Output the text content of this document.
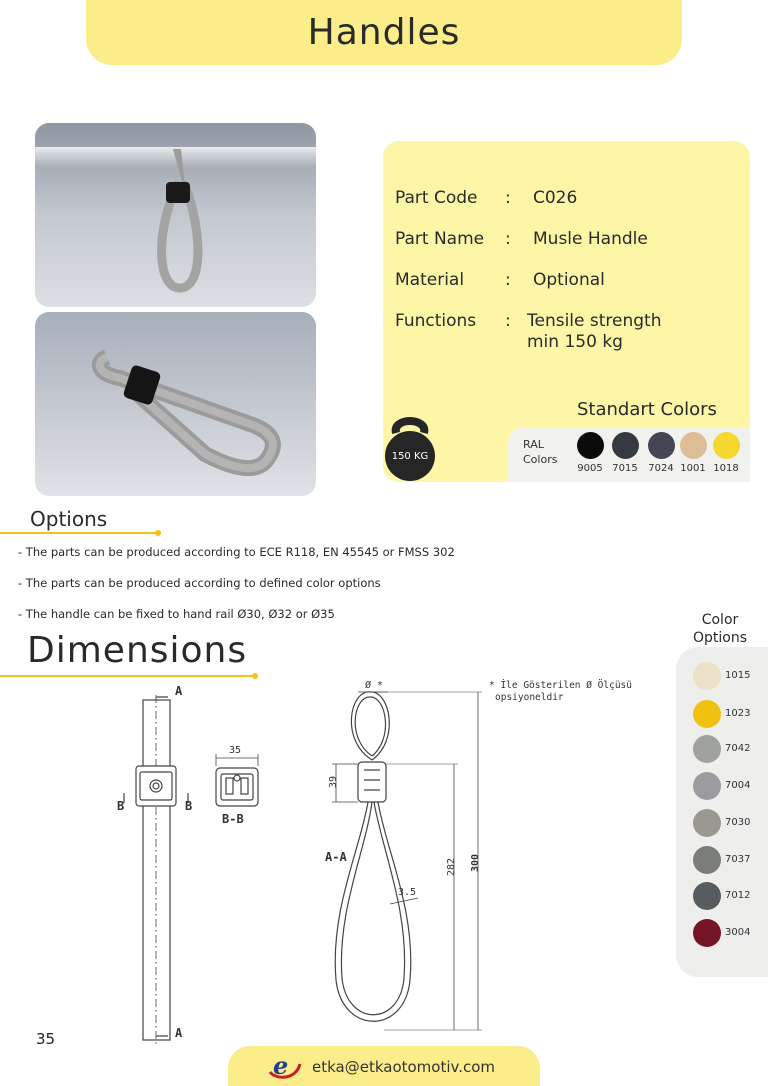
Handles
Part Code	:	C026
Part Name	:	Musle Handle
Material	:	Optional
Functions	: Tensile strength min 150 kg
Standart Colors
RAL Colors
9005 7015 7024 1001 1018
150 KG
Options
- The parts can be produced according to ECE R118, EN 45545 or FMSS 302
- The parts can be produced according to defined color options
- The handle can be fixed to hand rail Ø30, Ø32 or Ø35
Dimensions
* İle Gösterilen Ø Ölçüsü
opsiyoneldir
A
A
B	B
B-B
A-A
35
Ø *
39
282 300
3.5
Color
Options
1015
1023
7042
7004
7030
7037
7012
3004
35
e etka@etkaotomotiv.com
